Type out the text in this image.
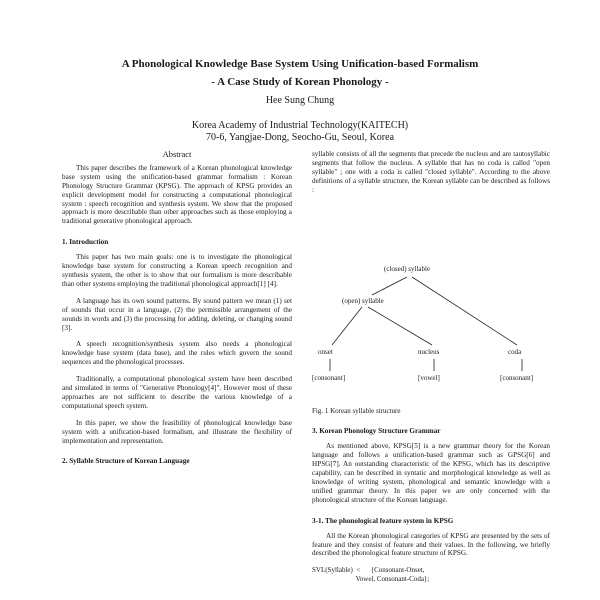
A Phonological Knowledge Base System Using Unification-based Formalism
- A Case Study of Korean Phonology -
Hee Sung Chung
Korea Academy of Industrial Technology(KAITECH)
70-6, Yangjae-Dong, Seocho-Gu, Seoul, Korea
Abstract

This paper describes the framework of a Korean phonological knowledge base system using the unification-based grammar formalism : Korean Phonology Structure Grammar (KPSG). The approach of KPSG provides an explicit development model for constructing a computational phonological system : speech recognition and synthesis system. We show that the proposed approach is more describable than other approaches such as those employing a traditional generative phonological approach.

1. Introduction

This paper has two main goals: one is to investigate the phonological knowledge base system for constructing a Korean speech recognition and synthesis system, the other is to show that our formalism is more describable than other systems employing the traditional phonological approach[1] [4].

A language has its own sound patterns. By sound pattern we mean (1) set of sounds that occur in a language, (2) the permissible arrangement of the sounds in words and (3) the processing for adding, deleting, or changing sound [3].

A speech recognition/synthesis system also needs a phonological knowledge base system (data base), and the rules which govern the sound sequences and the phonological processes.

Traditionally, a computational phonological system have been described and simulated in terms of "Generative Phonology[4]". However most of these approaches are not sufficient to describe the various knowledge of a computational speech system.

In this paper, we show the feasibility of phonological knowledge base system with a unification-based formalism, and illustrate the flexibility of implementation and representation.

2. Syllable Structure of Korean Language

syllable consists of all the segments that precede the nucleus and are tautosyllabic segments that follow the nucleus. A syllable that has no coda is called "open syllable" ; one with a coda is called "closed syllable". According to the above definitions of a syllable structure, the Korean syllable can be described as follows :

(closed) syllable
(open) syllable
onset	nucleus	coda
[consonant]	[vowel]	[consonant]

Fig. 1 Korean syllable structure

3. Korean Phonology Structure Grammar

As mentioned above, KPSG[5] is a new grammar theory for the Korean language and follows a unification-based grammar such as GPSG[6] and HPSG[7]. An outstanding characteristic of the KPSG, which has its descriptive capability, can be described in syntatic and morphological knowledge as well as knowledge of writing system, phonological and semantic knowledge with a unified grammar theory. In this paper we are only concerned with the phonological structure of the Korean language.

3-1. The phonological feature system in KPSG

All the Korean phonological categories of KPSG are presented by the sets of feature and they consist of feature and their values. In the following, we briefly described the phonological feature structure of KPSG.

SVL(Syllable)  <      {Consonant-Onset,

Vowel, Consonant-Coda};
